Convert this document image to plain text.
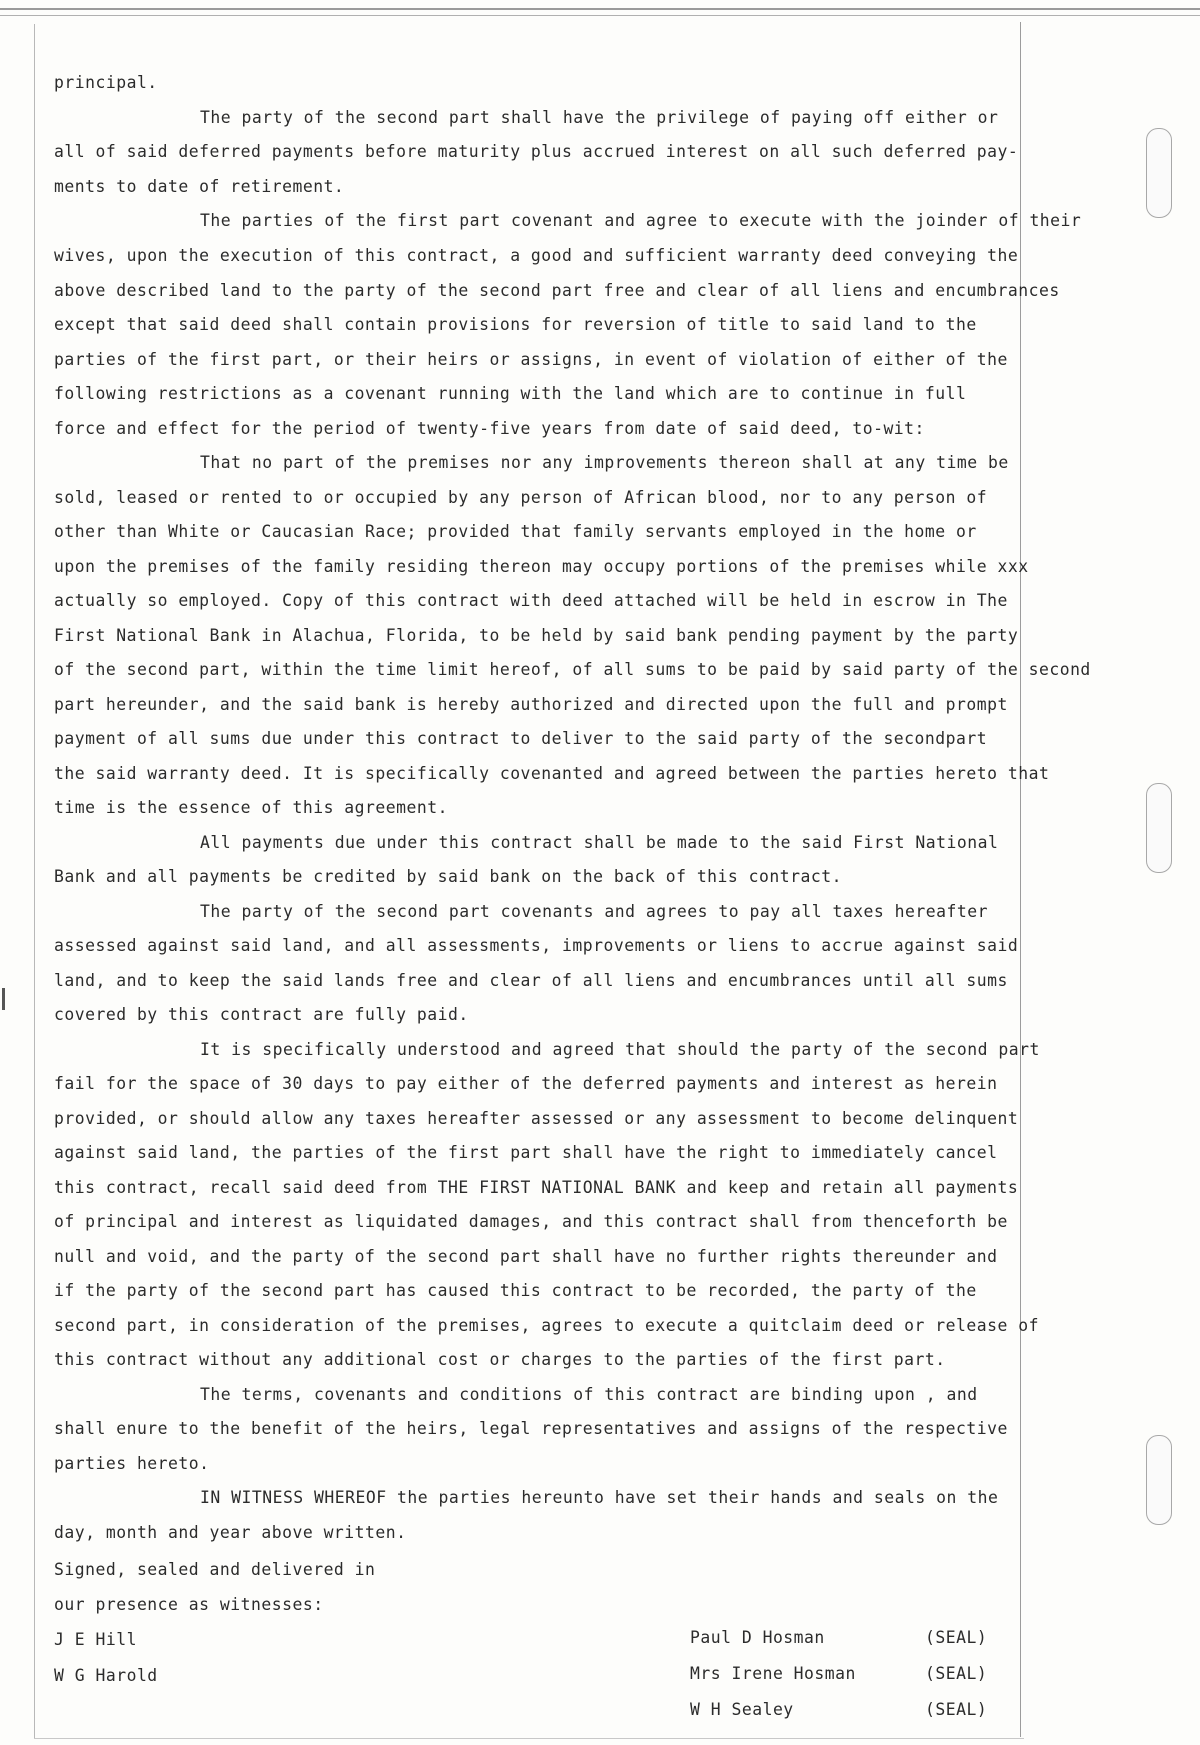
principal.
The party of the second part shall have the privilege of paying off either or
all of said deferred payments before maturity plus accrued interest on all such deferred pay-
ments to date of retirement.
The parties of the first part covenant and agree to execute with the joinder of their
wives, upon the execution of this contract, a good and sufficient warranty deed conveying the
above described land to the party of the second part free and clear of all liens and encumbrances
except that said deed shall contain provisions for reversion of title to said land to the
parties of the first part, or their heirs or assigns, in event of violation of either of the
following restrictions as a covenant running with the land which are to continue in full
force and effect for the period of twenty-five years from date of said deed, to-wit:
That no part of the premises nor any improvements thereon shall at any time be
sold, leased or rented to or occupied by any person of African blood, nor to any person of
other than White or Caucasian Race; provided that family servants employed in the home or
upon the premises of the family residing thereon may occupy portions of the premises while xxx
actually so employed. Copy of this contract with deed attached will be held in escrow in The
First National Bank in Alachua, Florida, to be held by said bank pending payment by the party
of the second part, within the time limit hereof, of all sums to be paid by said party of the second
part hereunder, and the said bank is hereby authorized and directed upon the full and prompt
payment of all sums due under this contract to deliver to the said party of the secondpart
the said warranty deed. It is specifically covenanted and agreed between the parties hereto that
time is the essence of this agreement.
All payments due under this contract shall be made to the said First National
Bank and all payments be credited by said bank on the back of this contract.
The party of the second part covenants and agrees to pay all taxes hereafter
assessed against said land, and all assessments, improvements or liens to accrue against said
land, and to keep the said lands free and clear of all liens and encumbrances until all sums
covered by this contract are fully paid.
It is specifically understood and agreed that should the party of the second part
fail for the space of 30 days to pay either of the deferred payments and interest as herein
provided, or should allow any taxes hereafter assessed or any assessment to become delinquent
against said land, the parties of the first part shall have the right to immediately cancel
this contract, recall said deed from THE FIRST NATIONAL BANK and keep and retain all payments
of principal and interest as liquidated damages, and this contract shall from thenceforth be
null and void, and the party of the second part shall have no further rights thereunder and
if the party of the second part has caused this contract to be recorded, the party of the
second part, in consideration of the premises, agrees to execute a quitclaim deed or release of
this contract without any additional cost or charges to the parties of the first part.
The terms, covenants and conditions of this contract are binding upon , and
shall enure to the benefit of the heirs, legal representatives and assigns of the respective
parties hereto.
IN WITNESS WHEREOF the parties hereunto have set their hands and seals on the
day, month and year above written.
Signed, sealed and delivered in
our presence as witnesses:
J E Hill
W G Harold
Paul D Hosman	(SEAL)
Mrs Irene Hosman	(SEAL)
W H Sealey	(SEAL)
